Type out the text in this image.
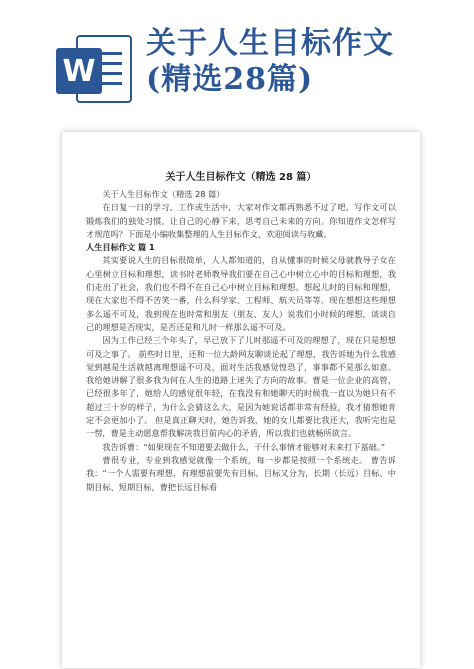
W
关于人生目标作文
(精选28篇)
关于人生目标作文（精选 28 篇）

关于人生目标作文（精选 28 篇）

在日复一日的学习、工作或生活中，大家对作文都再熟悉不过了吧，写作文可以锻炼我们的独处习惯，让自己的心静下来，思考自己未来的方向。你知道作文怎样写才规范吗？下面是小编收集整理的人生目标作文，欢迎阅读与收藏。

人生目标作文 篇 1

其实要说人生的目标很简单，人人都知道的，自从懂事的时候父母就教导子女在心里树立目标和理想，读书时老师教导我们要在自己心中树立心中的目标和理想，我们走出了社会，我们也不得不在自己心中树立目标和理想。想起儿时的目标和理想，现在大家也不得不苦笑一番，什么科学家、工程师、航天员等等。现在想想这些理想多么遥不可及，我到现在也时常和朋友（朋友、友人）说我们小时候的理想，谈谈自己的理想是否现实，是否还是和儿时一样那么遥不可及。

因为工作已经三个年头了，早已放下了儿时那遥不可及的理想了，现在只是想想可及之事了。 前些时日里，还和一位大龄网友聊谈论起了理想，我告诉她为什么我感觉到越是生活就越离理想遥不可及，面对生活我感觉惶恐了，事事都不是那么如意。我给她讲解了很多我为何在人生的道路上迷失了方向的故事。曹是一位企业的高管，已经很多年了，她给人的感觉很年轻，在我没有和她聊天的时候我一直以为她只有不超过三十岁的样子，为什么会猜这么大，是因为她说话都非常有经验，我才猜想她肯定不会更加小了。 但是真正聊天时，她告诉我，她的女儿都要比我还大，我听完也是一愣，曹是主动愿意帮我解决我目前内心的矛盾，所以我们也就畅所欲言。

我告诉曹：“如果现在不知道要去做什么，干什么事情才能够对未来打下基础。”

曹很专业，专业到我感觉就像一个系统，每一步都是按照一个系统走。 曹告诉我：“一个人需要有理想，有理想前要先有目标，目标又分为，长期（长远）目标、中期目标、短期目标，曹把长远目标看
